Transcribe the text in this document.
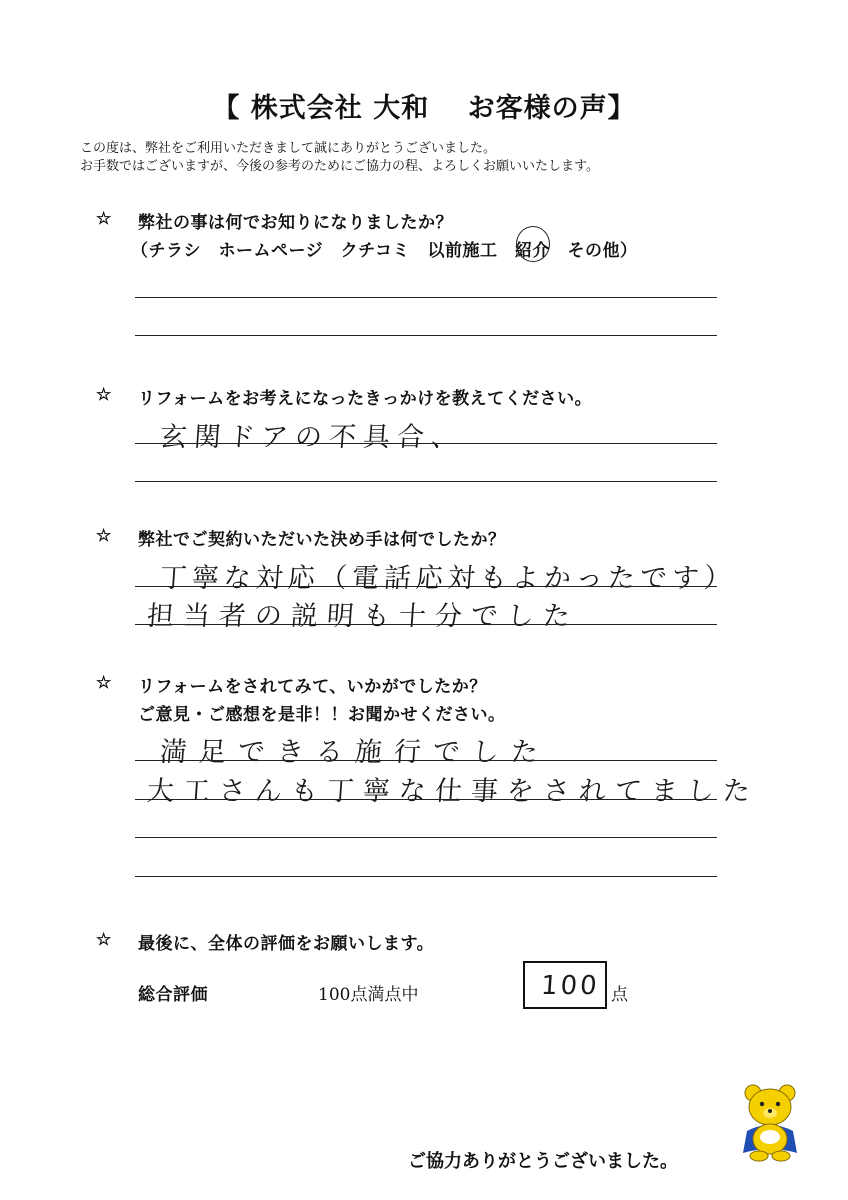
【 株式会社 大和　 お客様の声】
この度は、弊社をご利用いただきまして誠にありがとうございました。
お手数ではございますが、今後の参考のためにご協力の程、よろしくお願いいたします。
☆ 弊社の事は何でお知りになりましたか？
（チラシ　ホームページ　クチコミ　以前施工　紹介　その他）
☆ リフォームをお考えになったきっかけを教えてください。
玄関ドアの不具合、
☆ 弊社でご契約いただいた決め手は何でしたか？
丁寧な対応（電話応対もよかったです）
担当者の説明も十分でした
☆ リフォームをされてみて、いかがでしたか？
ご意見・ご感想を是非！！お聞かせください。
満足できる施行でした
大工さんも丁寧な仕事をされてました
☆ 最後に、全体の評価をお願いします。
総合評価	100点満点中	100 点
ご協力ありがとうございました。
